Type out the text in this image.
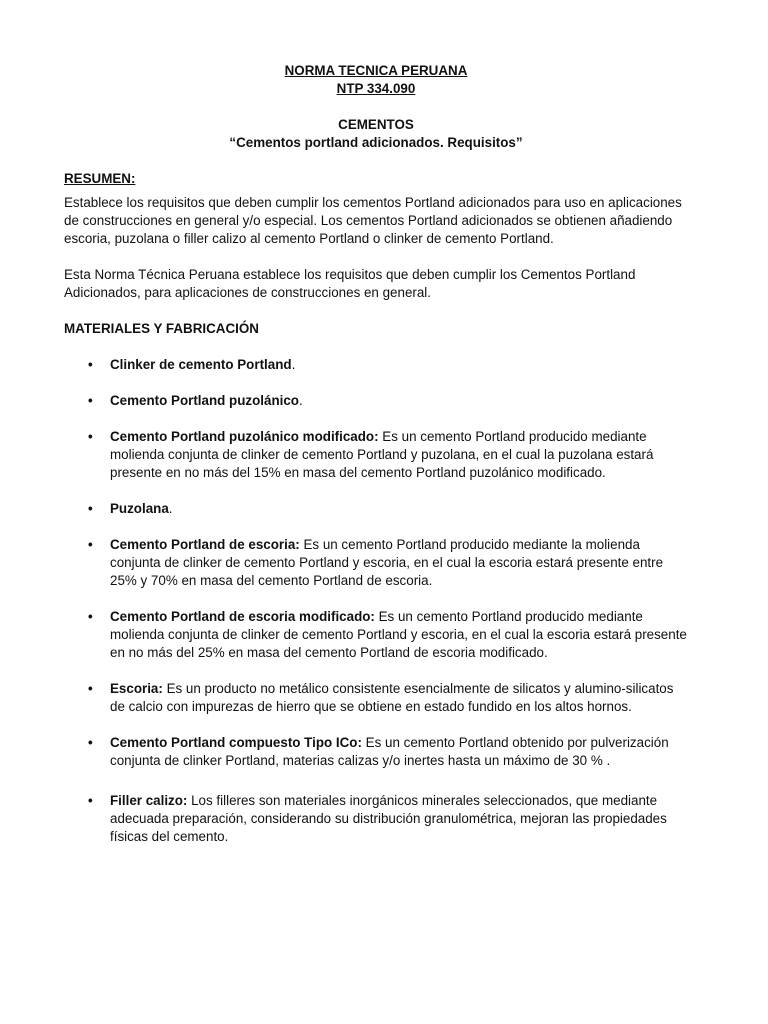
NORMA TECNICA PERUANA
NTP 334.090
CEMENTOS
“Cementos portland adicionados. Requisitos”
RESUMEN:

Establece los requisitos que deben cumplir los cementos Portland adicionados para uso en aplicaciones de construcciones en general y/o especial. Los cementos Portland adicionados se obtienen añadiendo escoria, puzolana o filler calizo al cemento Portland o clinker de cemento Portland.

Esta Norma Técnica Peruana establece los requisitos que deben cumplir los Cementos Portland Adicionados, para aplicaciones de construcciones en general.

MATERIALES Y FABRICACIÓN
• Clinker de cemento Portland.
• Cemento Portland puzolánico.
• Cemento Portland puzolánico modificado: Es un cemento Portland producido mediante molienda conjunta de clinker de cemento Portland y puzolana, en el cual la puzolana estará presente en no más del 15% en masa del cemento Portland puzolánico modificado.
• Puzolana.
• Cemento Portland de escoria: Es un cemento Portland producido mediante la molienda conjunta de clinker de cemento Portland y escoria, en el cual la escoria estará presente entre 25% y 70% en masa del cemento Portland de escoria.
• Cemento Portland de escoria modificado: Es un cemento Portland producido mediante molienda conjunta de clinker de cemento Portland y escoria, en el cual la escoria estará presente en no más del 25% en masa del cemento Portland de escoria modificado.
• Escoria: Es un producto no metálico consistente esencialmente de silicatos y alumino-silicatos de calcio con impurezas de hierro que se obtiene en estado fundido en los altos hornos.
• Cemento Portland compuesto Tipo ICo: Es un cemento Portland obtenido por pulverización conjunta de clinker Portland, materias calizas y/o inertes hasta un máximo de 30 % .
• Filler calizo: Los filleres son materiales inorgánicos minerales seleccionados, que mediante adecuada preparación, considerando su distribución granulométrica, mejoran las propiedades físicas del cemento.
